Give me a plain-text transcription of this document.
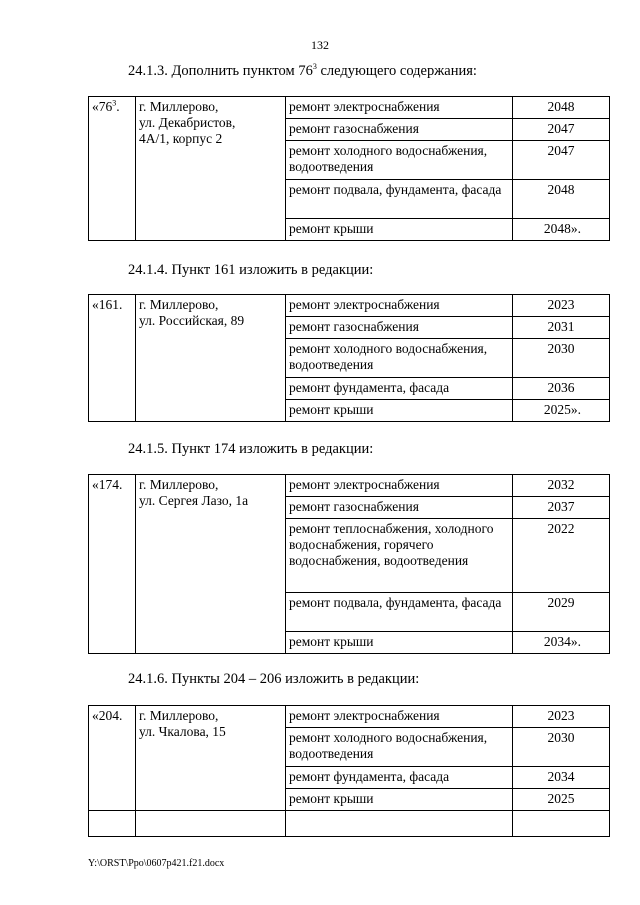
132
24.1.3. Дополнить пунктом $76^3$ следующего содержания:
«$76^3$.	г. Миллерово,
ул. Декабристов,
4А/1, корпус 2	ремонт электроснабжения	2048
		ремонт газоснабжения	2047
		ремонт холодного водоснабжения, водоотведения	2047
		ремонт подвала, фундамента, фасада	2048
		ремонт крыши	2048».
24.1.4. Пункт 161 изложить в редакции:
«161.	г. Миллерово,
ул. Российская, 89	ремонт электроснабжения	2023
		ремонт газоснабжения	2031
		ремонт холодного водоснабжения, водоотведения	2030
		ремонт фундамента, фасада	2036
		ремонт крыши	2025».
24.1.5. Пункт 174 изложить в редакции:
«174.	г. Миллерово,
ул. Сергея Лазо, 1а	ремонт электроснабжения	2032
		ремонт газоснабжения	2037
		ремонт теплоснабжения, холодного водоснабжения, горячего водоснабжения, водоотведения	2022
		ремонт подвала, фундамента, фасада	2029
		ремонт крыши	2034».
24.1.6. Пункты 204 – 206 изложить в редакции:
«204.	г. Миллерово,
ул. Чкалова, 15	ремонт электроснабжения	2023
		ремонт холодного водоснабжения, водоотведения	2030
		ремонт фундамента, фасада	2034
		ремонт крыши	2025

Y:\ORST\Ppo\0607p421.f21.docx
